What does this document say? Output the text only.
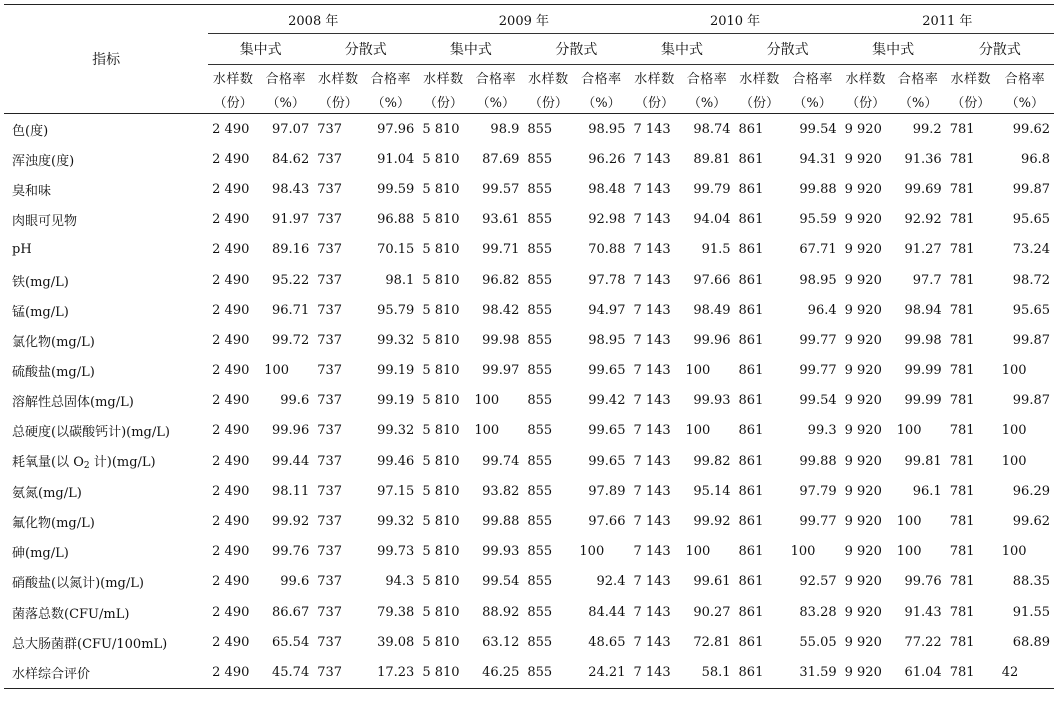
指标	2008 年				2009 年				2010 年				2011 年			
	集中式		分散式		集中式		分散式		集中式		分散式		集中式		分散式	
	水样数	合格率	水样数	合格率	水样数	合格率	水样数	合格率	水样数	合格率	水样数	合格率	水样数	合格率	水样数	合格率
	（份）	（%）	（份）	（%）	（份）	（%）	（份）	（%）	（份）	（%）	（份）	（%）	（份）	（%）	（份）	（%）
色(度)	2 490	97.07	737	97.96	5 810	98.9	855	98.95	7 143	98.74	861	99.54	9 920	99.2	781	99.62
浑浊度(度)	2 490	84.62	737	91.04	5 810	87.69	855	96.26	7 143	89.81	861	94.31	9 920	91.36	781	96.8
臭和味	2 490	98.43	737	99.59	5 810	99.57	855	98.48	7 143	99.79	861	99.88	9 920	99.69	781	99.87
肉眼可见物	2 490	91.97	737	96.88	5 810	93.61	855	92.98	7 143	94.04	861	95.59	9 920	92.92	781	95.65
pH	2 490	89.16	737	70.15	5 810	99.71	855	70.88	7 143	91.5	861	67.71	9 920	91.27	781	73.24
铁(mg/L)	2 490	95.22	737	98.1	5 810	96.82	855	97.78	7 143	97.66	861	98.95	9 920	97.7	781	98.72
锰(mg/L)	2 490	96.71	737	95.79	5 810	98.42	855	94.97	7 143	98.49	861	96.4	9 920	98.94	781	95.65
氯化物(mg/L)	2 490	99.72	737	99.32	5 810	99.98	855	98.95	7 143	99.96	861	99.77	9 920	99.98	781	99.87
硫酸盐(mg/L)	2 490	100	737	99.19	5 810	99.97	855	99.65	7 143	100	861	99.77	9 920	99.99	781	100
溶解性总固体(mg/L)	2 490	99.6	737	99.19	5 810	100	855	99.42	7 143	99.93	861	99.54	9 920	99.99	781	99.87
总硬度(以碳酸钙计)(mg/L)	2 490	99.96	737	99.32	5 810	100	855	99.65	7 143	100	861	99.3	9 920	100	781	100
耗氧量(以 $O_2$ 计)(mg/L)	2 490	99.44	737	99.46	5 810	99.74	855	99.65	7 143	99.82	861	99.88	9 920	99.81	781	100
氨氮(mg/L)	2 490	98.11	737	97.15	5 810	93.82	855	97.89	7 143	95.14	861	97.79	9 920	96.1	781	96.29
氟化物(mg/L)	2 490	99.92	737	99.32	5 810	99.88	855	97.66	7 143	99.92	861	99.77	9 920	100	781	99.62
砷(mg/L)	2 490	99.76	737	99.73	5 810	99.93	855	100	7 143	100	861	100	9 920	100	781	100
硝酸盐(以氮计)(mg/L)	2 490	99.6	737	94.3	5 810	99.54	855	92.4	7 143	99.61	861	92.57	9 920	99.76	781	88.35
菌落总数(CFU/mL)	2 490	86.67	737	79.38	5 810	88.92	855	84.44	7 143	90.27	861	83.28	9 920	91.43	781	91.55
总大肠菌群(CFU/100mL)	2 490	65.54	737	39.08	5 810	63.12	855	48.65	7 143	72.81	861	55.05	9 920	77.22	781	68.89
水样综合评价	2 490	45.74	737	17.23	5 810	46.25	855	24.21	7 143	58.1	861	31.59	9 920	61.04	781	42
